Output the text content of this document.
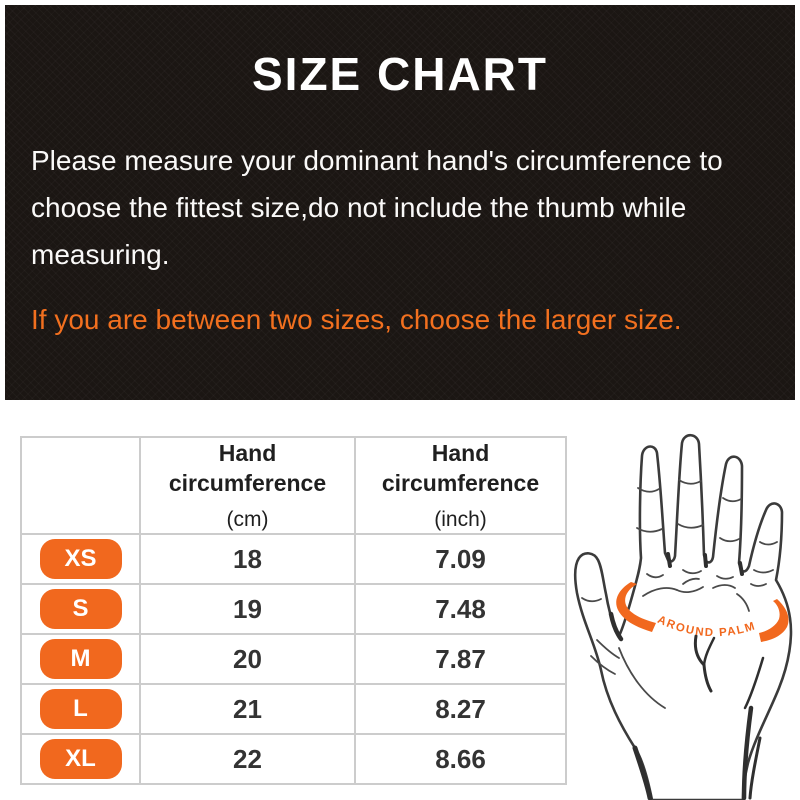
SIZE CHART

Please measure your dominant hand's circumference to choose the fittest size,do not include the thumb while measuring.

If you are between two sizes, choose the larger size.

Hand circumference
(cm)

Hand circumference
(inch)

XS	18	7.09
S	19	7.48
M	20	7.87
L	21	8.27
XL	22	8.66
AROUND PALM
